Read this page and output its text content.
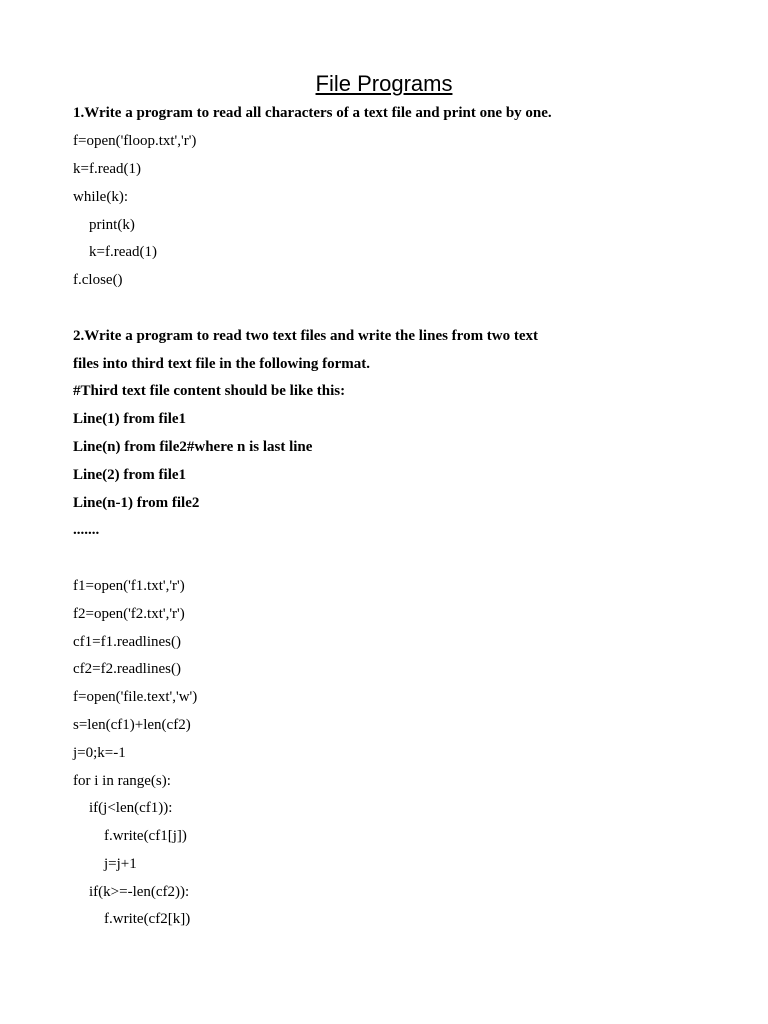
File Programs
1.Write a program to read all characters of a text file and print one by one.
f=open('floop.txt','r')
k=f.read(1)
while(k):
print(k)
k=f.read(1)
f.close()
2.Write a program to read two text files and write the lines from two text
files into third text file in the following format.
#Third text file content should be like this:
Line(1) from file1
Line(n) from file2#where n is last line
Line(2) from file1
Line(n-1) from file2
.......
f1=open('f1.txt','r')
f2=open('f2.txt','r')
cf1=f1.readlines()
cf2=f2.readlines()
f=open('file.text','w')
s=len(cf1)+len(cf2)
j=0;k=-1
for i in range(s):
if(j<len(cf1)):
f.write(cf1[j])
j=j+1
if(k>=-len(cf2)):
f.write(cf2[k])
